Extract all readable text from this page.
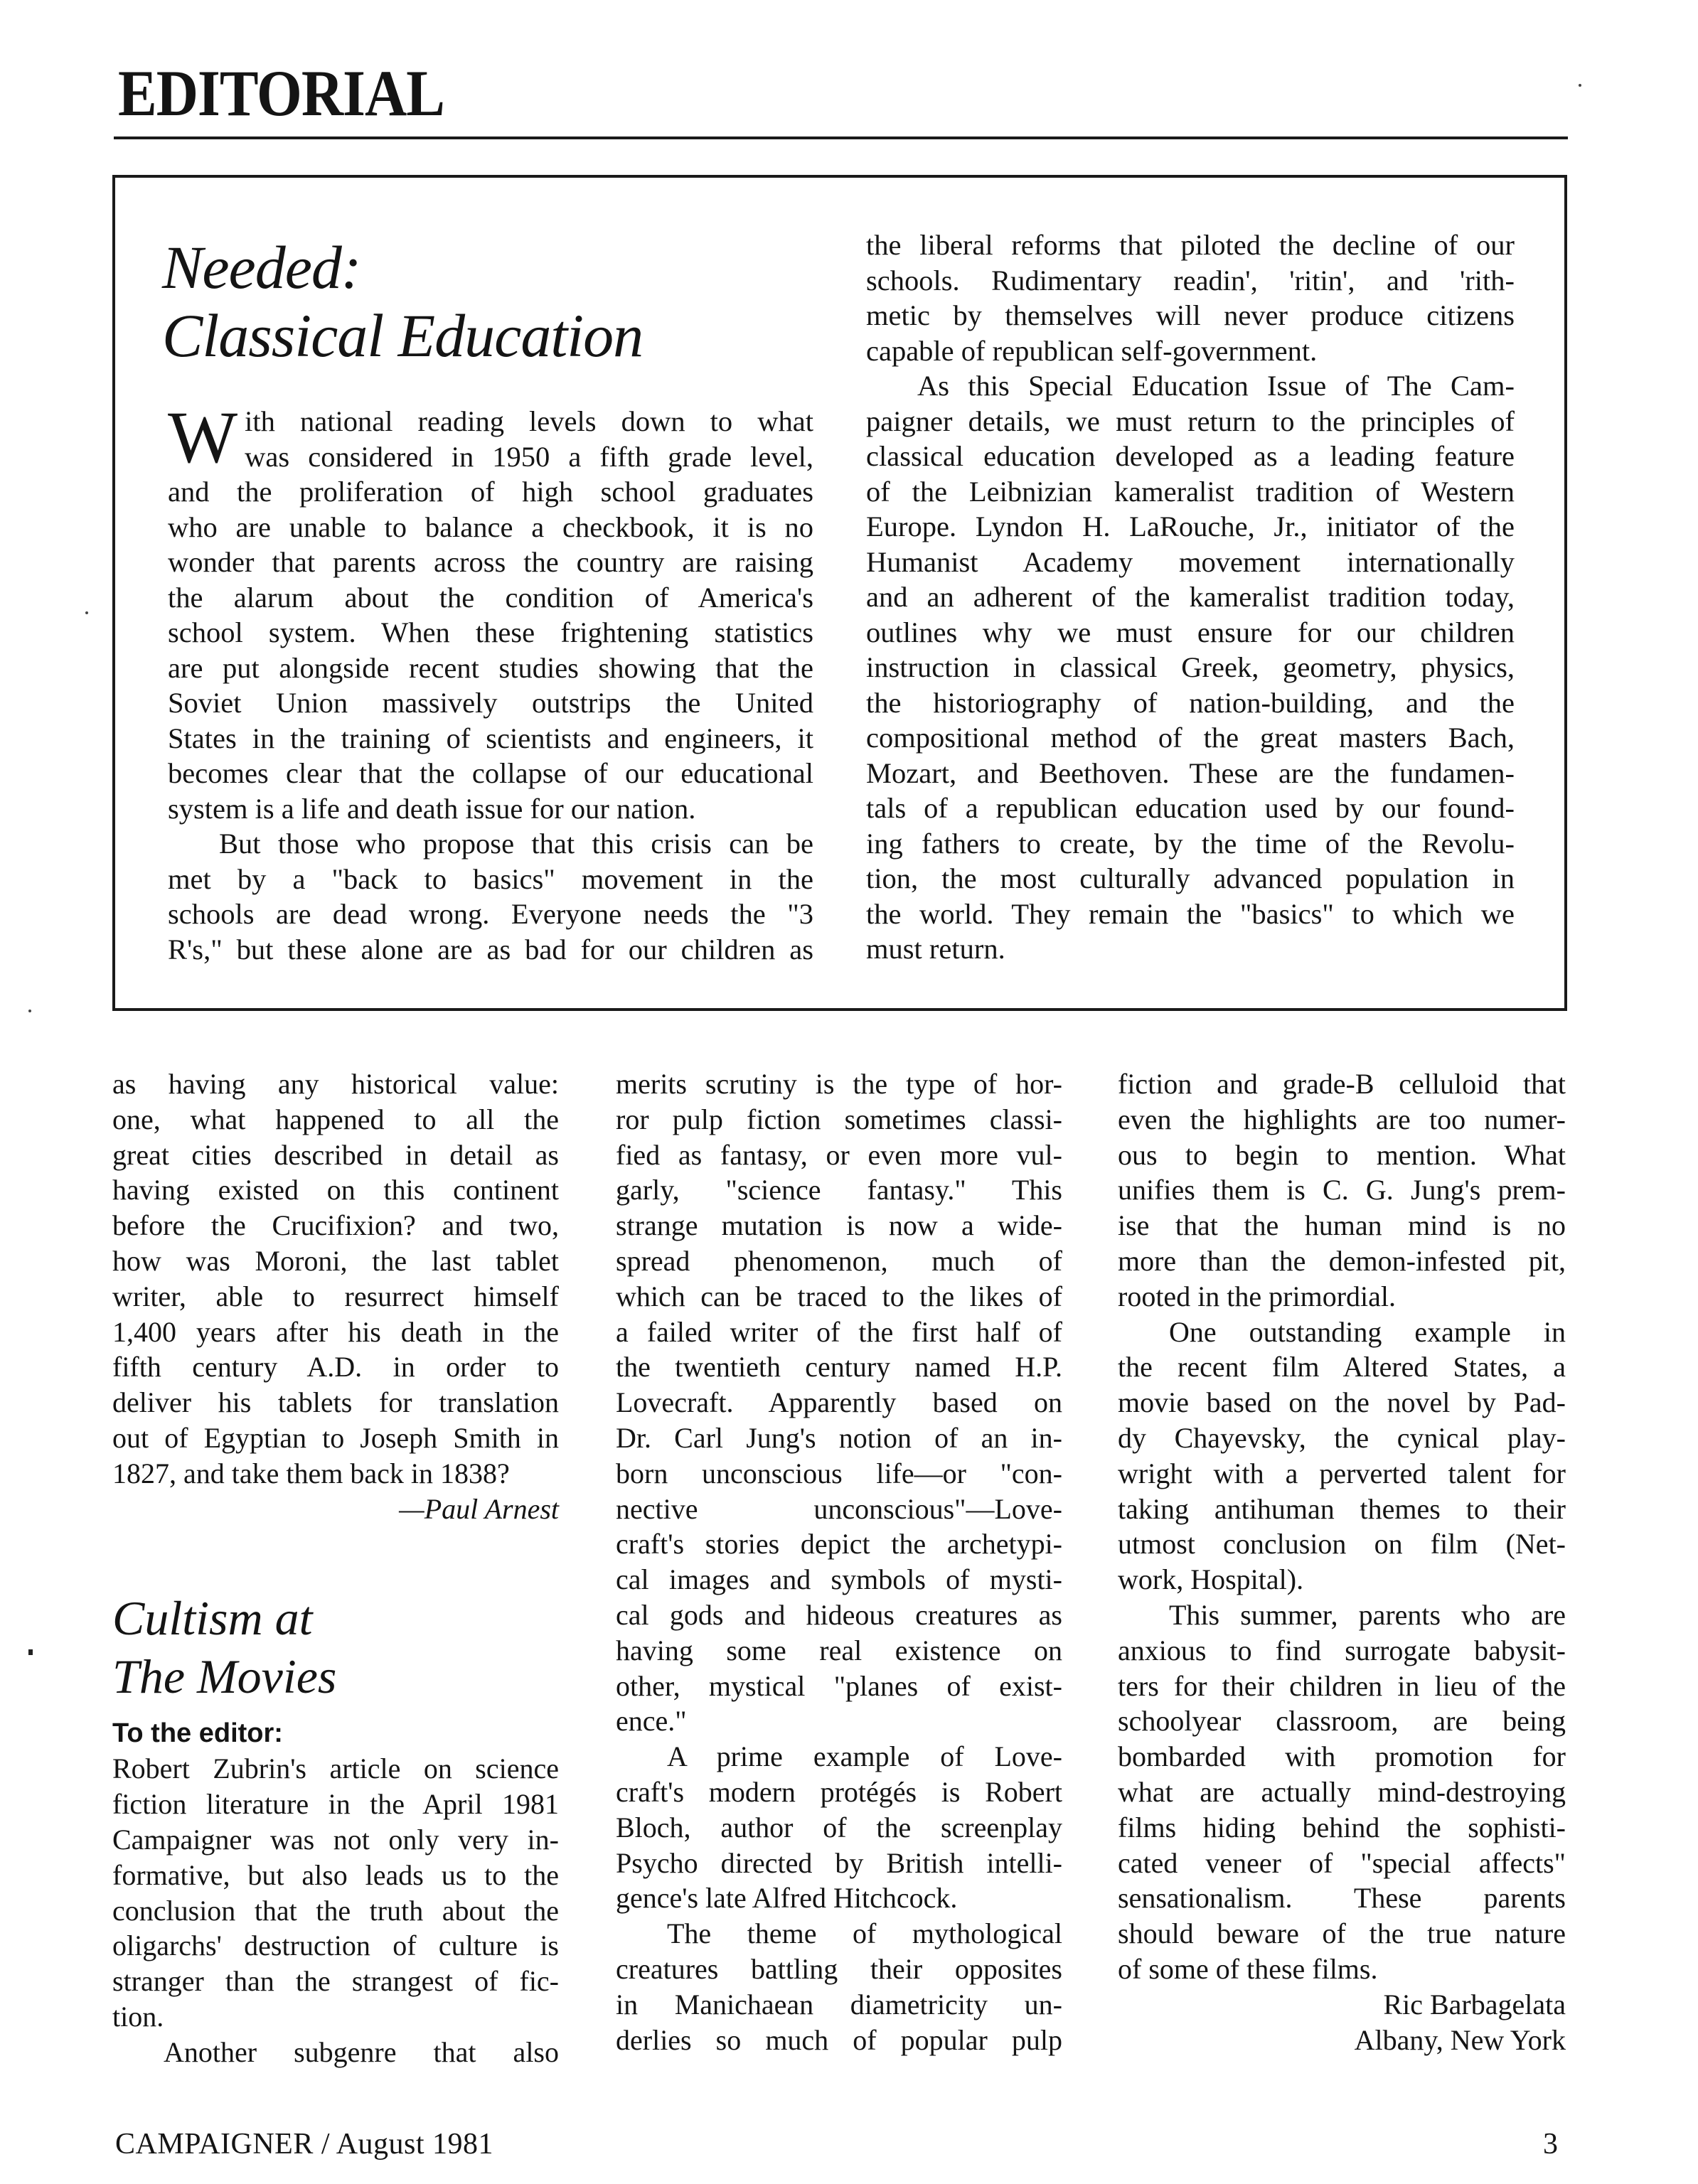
EDITORIAL
Needed:
Classical Education
W ith national reading levels down to what
was considered in 1950 a fifth grade level,
and the proliferation of high school graduates
who are unable to balance a checkbook, it is no
wonder that parents across the country are raising
the alarum about the condition of America's
school system. When these frightening statistics
are put alongside recent studies showing that the
Soviet Union massively outstrips the United
States in the training of scientists and engineers, it
becomes clear that the collapse of our educational
system is a life and death issue for our nation.
But those who propose that this crisis can be
met by a "back to basics" movement in the
schools are dead wrong. Everyone needs the "3
R's," but these alone are as bad for our children as
the liberal reforms that piloted the decline of our
schools. Rudimentary readin', 'ritin', and 'rith-
metic by themselves will never produce citizens
capable of republican self-government.
As this Special Education Issue of The Cam-
paigner details, we must return to the principles of
classical education developed as a leading feature
of the Leibnizian kameralist tradition of Western
Europe. Lyndon H. LaRouche, Jr., initiator of the
Humanist Academy movement internationally
and an adherent of the kameralist tradition today,
outlines why we must ensure for our children
instruction in classical Greek, geometry, physics,
the historiography of nation-building, and the
compositional method of the great masters Bach,
Mozart, and Beethoven. These are the fundamen-
tals of a republican education used by our found-
ing fathers to create, by the time of the Revolu-
tion, the most culturally advanced population in
the world. They remain the "basics" to which we
must return.
as having any historical value:
one, what happened to all the
great cities described in detail as
having existed on this continent
before the Crucifixion? and two,
how was Moroni, the last tablet
writer, able to resurrect himself
1,400 years after his death in the
fifth century A.D. in order to
deliver his tablets for translation
out of Egyptian to Joseph Smith in
1827, and take them back in 1838?
—Paul Arnest
Cultism at
The Movies
To the editor:
Robert Zubrin's article on science
fiction literature in the April 1981
Campaigner was not only very in-
formative, but also leads us to the
conclusion that the truth about the
oligarchs' destruction of culture is
stranger than the strangest of fic-
tion.
Another subgenre that also
merits scrutiny is the type of hor-
ror pulp fiction sometimes classi-
fied as fantasy, or even more vul-
garly, "science fantasy." This
strange mutation is now a wide-
spread phenomenon, much of
which can be traced to the likes of
a failed writer of the first half of
the twentieth century named H.P.
Lovecraft. Apparently based on
Dr. Carl Jung's notion of an in-
born unconscious life—or "con-
nective unconscious"—Love-
craft's stories depict the archetypi-
cal images and symbols of mysti-
cal gods and hideous creatures as
having some real existence on
other, mystical "planes of exist-
ence."
A prime example of Love-
craft's modern protégés is Robert
Bloch, author of the screenplay
Psycho directed by British intelli-
gence's late Alfred Hitchcock.
The theme of mythological
creatures battling their opposites
in Manichaean diametricity un-
derlies so much of popular pulp
fiction and grade-B celluloid that
even the highlights are too numer-
ous to begin to mention. What
unifies them is C. G. Jung's prem-
ise that the human mind is no
more than the demon-infested pit,
rooted in the primordial.
One outstanding example in
the recent film Altered States, a
movie based on the novel by Pad-
dy Chayevsky, the cynical play-
wright with a perverted talent for
taking antihuman themes to their
utmost conclusion on film (Net-
work, Hospital).
This summer, parents who are
anxious to find surrogate babysit-
ters for their children in lieu of the
schoolyear classroom, are being
bombarded with promotion for
what are actually mind-destroying
films hiding behind the sophisti-
cated veneer of "special affects"
sensationalism. These parents
should beware of the true nature
of some of these films.
Ric Barbagelata
Albany, New York
CAMPAIGNER / August 1981	3
